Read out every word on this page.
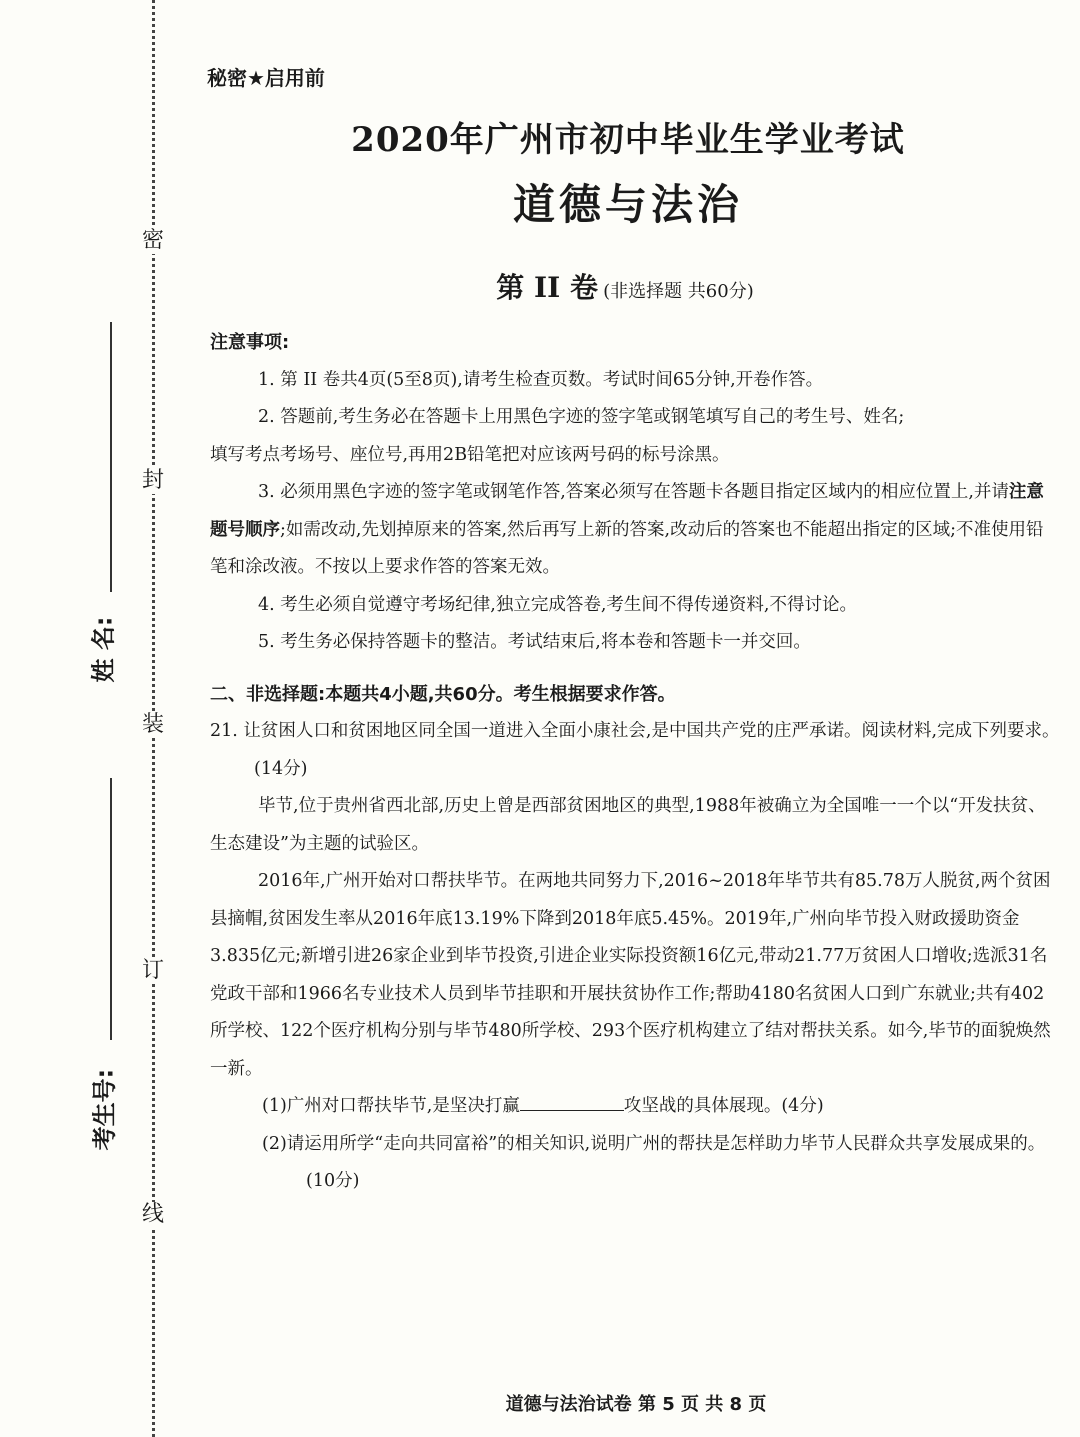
密
封
装
订
线
姓 名:
考生号:
秘密★启用前
2020年广州市初中毕业生学业考试
道德与法治
第 II 卷 (非选择题 共60分)

注意事项:

1. 第 II 卷共4页(5至8页),请考生检查页数。考试时间65分钟,开卷作答。

2. 答题前,考生务必在答题卡上用黑色字迹的签字笔或钢笔填写自己的考生号、姓名;

填写考点考场号、座位号,再用2B铅笔把对应该两号码的标号涂黑。

3. 必须用黑色字迹的签字笔或钢笔作答,答案必须写在答题卡各题目指定区域内的相应位置上,并请注意题号顺序;如需改动,先划掉原来的答案,然后再写上新的答案,改动后的答案也不能超出指定的区域;不准使用铅笔和涂改液。不按以上要求作答的答案无效。

4. 考生必须自觉遵守考场纪律,独立完成答卷,考生间不得传递资料,不得讨论。

5. 考生务必保持答题卡的整洁。考试结束后,将本卷和答题卡一并交回。

二、非选择题:本题共4小题,共60分。考生根据要求作答。

21. 让贫困人口和贫困地区同全国一道进入全面小康社会,是中国共产党的庄严承诺。阅读材料,完成下列要求。(14分)

毕节,位于贵州省西北部,历史上曾是西部贫困地区的典型,1988年被确立为全国唯一一个以“开发扶贫、生态建设”为主题的试验区。

2016年,广州开始对口帮扶毕节。在两地共同努力下,2016~2018年毕节共有85.78万人脱贫,两个贫困县摘帽,贫困发生率从2016年底13.19%下降到2018年底5.45%。2019年,广州向毕节投入财政援助资金3.835亿元;新增引进26家企业到毕节投资,引进企业实际投资额16亿元,带动21.77万贫困人口增收;选派31名党政干部和1966名专业技术人员到毕节挂职和开展扶贫协作工作;帮助4180名贫困人口到广东就业;共有402所学校、122个医疗机构分别与毕节480所学校、293个医疗机构建立了结对帮扶关系。如今,毕节的面貌焕然一新。

(1)广州对口帮扶毕节,是坚决打赢	攻坚战的具体展现。(4分)

(2)请运用所学“走向共同富裕”的相关知识,说明广州的帮扶是怎样助力毕节人民群众共享发展成果的。(10分)

道德与法治试卷 第 5 页 共 8 页
